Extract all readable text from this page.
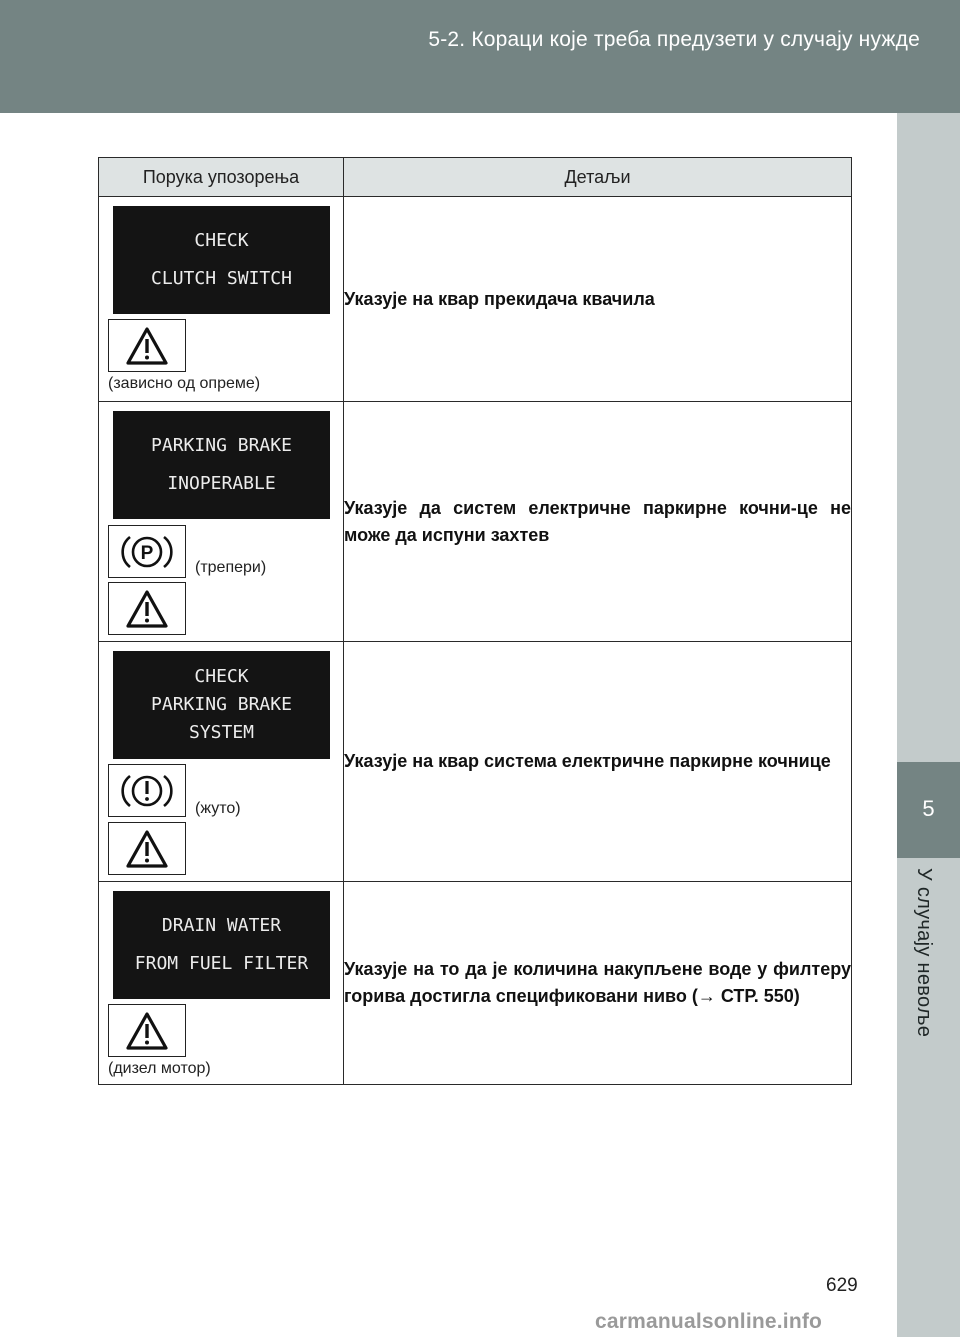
5-2. Кораци које треба предузети у случају нужде
5
У случају невоље
Порука упозорења	Детаљи

CHECK
CLUTCH SWITCH
(зависно од опреме)	Указује на квар прекидача квачила

PARKING BRAKE
INOPERABLE
P
(трепери)	Указује да систем електричне паркирне кочни-це не може да испуни захтев

CHECK
PARKING BRAKE
SYSTEM
(жуто)	Указује на квар система електричне паркирне кочнице

DRAIN WATER
FROM FUEL FILTER
(дизел мотор)	Указује на то да је количина накупљене воде у филтеру горива достигла спецификовани ниво (→ СТР. 550)
629
carmanualsonline.info
